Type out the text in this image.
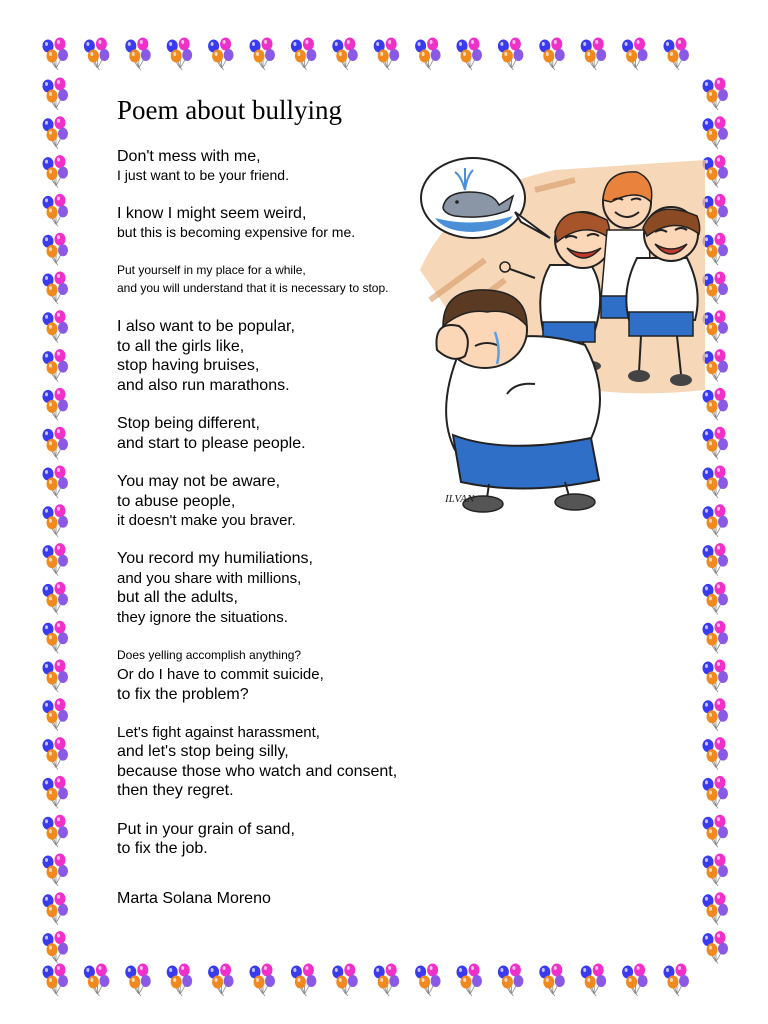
Poem about bullying

Don't mess with me,
I just want to be your friend.

I know I might seem weird,
but this is becoming expensive for me.

Put yourself in my place for a while,
and you will understand that it is necessary to stop.

I also want to be popular,
to all the girls like,
stop having bruises,
and also run marathons.

Stop being different,
and start to please people.

You may not be aware,
to abuse people,
it doesn't make you braver.

You record my humiliations,
and you share with millions,
but all the adults,
they ignore the situations.

Does yelling accomplish anything?
Or do I have to commit suicide,
to fix the problem?

Let's fight against harassment,
and let's stop being silly,
because those who watch and consent,
then they regret.

Put in your grain of sand,
to fix the job.

Marta Solana Moreno
ILVAN
